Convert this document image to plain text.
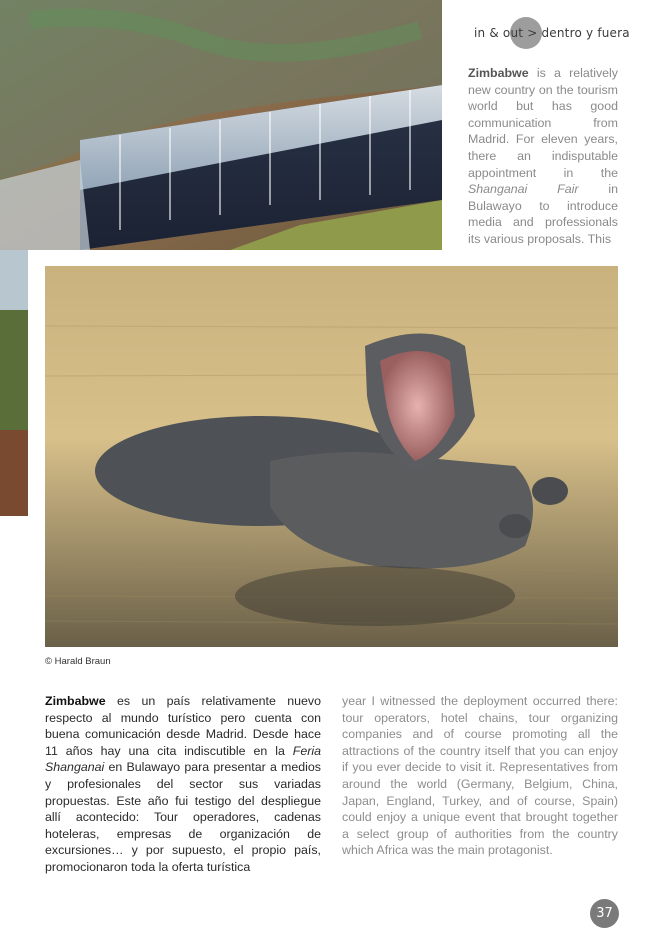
in & out > dentro y fuera

Zimbabwe is a relatively new country on the tourism world but has good communication from Madrid. For eleven years, there an indisputable appointment in the Shanganai Fair in Bulawayo to introduce media and professionals its various proposals. This

© Harald Braun

Zimbabwe es un país relativamente nuevo respecto al mundo turístico pero cuenta con buena comunicación desde Madrid. Desde hace 11 años hay una cita indiscutible en la Feria Shanganai en Bulawayo para presentar a medios y profesionales del sector sus variadas propuestas. Este año fui testigo del despliegue allí acontecido: Tour operadores, cadenas hoteleras, empresas de organización de excursiones… y por supuesto, el propio país, promocionaron toda la oferta turística

year I witnessed the deployment occurred there: tour operators, hotel chains, tour organizing companies and of course promoting all the attractions of the country itself that you can enjoy if you ever decide to visit it. Representatives from around the world (Germany, Belgium, China, Japan, England, Turkey, and of course, Spain) could enjoy a unique event that brought together a select group of authorities from the country which Africa was the main protagonist.

37
